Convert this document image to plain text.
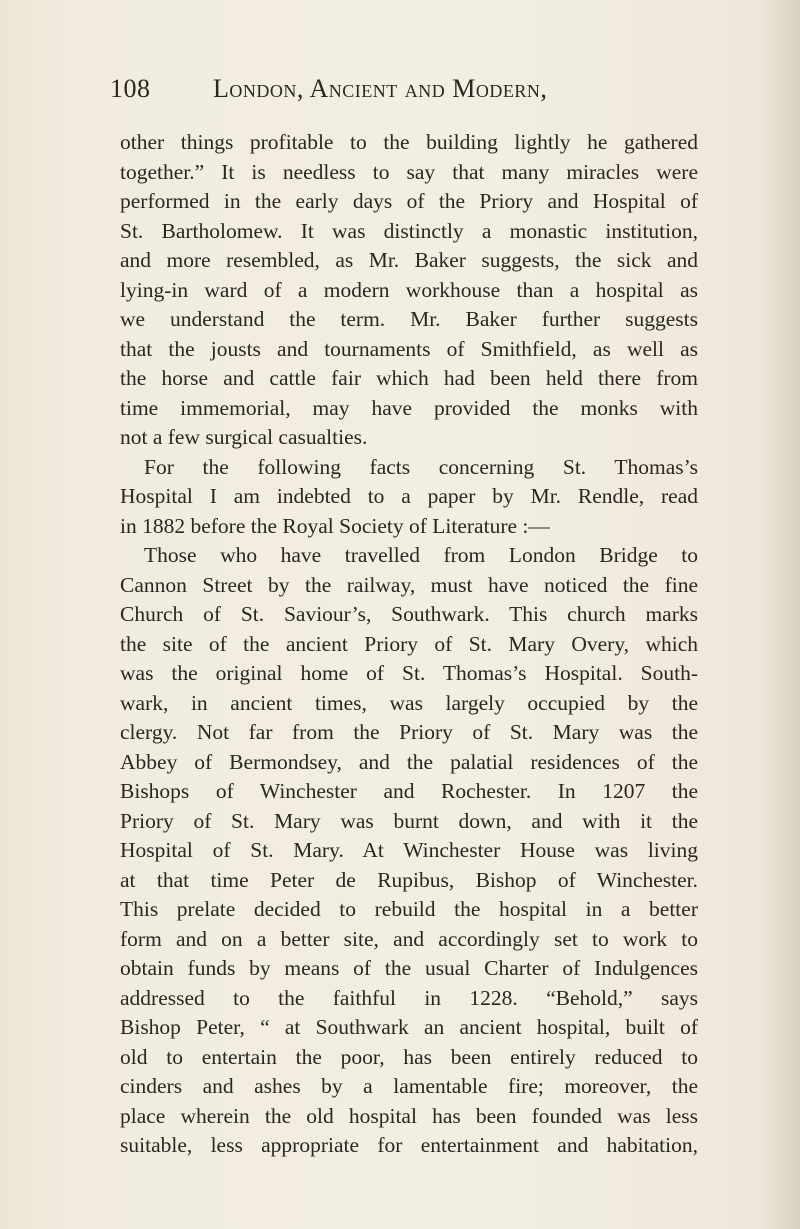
108 London, Ancient and Modern,
other things profitable to the building lightly he gathered
together.” It is needless to say that many miracles were
performed in the early days of the Priory and Hospital of
St. Bartholomew. It was distinctly a monastic institution,
and more resembled, as Mr. Baker suggests, the sick and
lying-in ward of a modern workhouse than a hospital as
we understand the term. Mr. Baker further suggests
that the jousts and tournaments of Smithfield, as well as
the horse and cattle fair which had been held there from
time immemorial, may have provided the monks with
not a few surgical casualties.
For the following facts concerning St. Thomas’s
Hospital I am indebted to a paper by Mr. Rendle, read
in 1882 before the Royal Society of Literature :—
Those who have travelled from London Bridge to
Cannon Street by the railway, must have noticed the fine
Church of St. Saviour’s, Southwark. This church marks
the site of the ancient Priory of St. Mary Overy, which
was the original home of St. Thomas’s Hospital. South-
wark, in ancient times, was largely occupied by the
clergy. Not far from the Priory of St. Mary was the
Abbey of Bermondsey, and the palatial residences of the
Bishops of Winchester and Rochester. In 1207 the
Priory of St. Mary was burnt down, and with it the
Hospital of St. Mary. At Winchester House was living
at that time Peter de Rupibus, Bishop of Winchester.
This prelate decided to rebuild the hospital in a better
form and on a better site, and accordingly set to work to
obtain funds by means of the usual Charter of Indulgences
addressed to the faithful in 1228. “Behold,” says
Bishop Peter, “ at Southwark an ancient hospital, built of
old to entertain the poor, has been entirely reduced to
cinders and ashes by a lamentable fire; moreover, the
place wherein the old hospital has been founded was less
suitable, less appropriate for entertainment and habitation,
